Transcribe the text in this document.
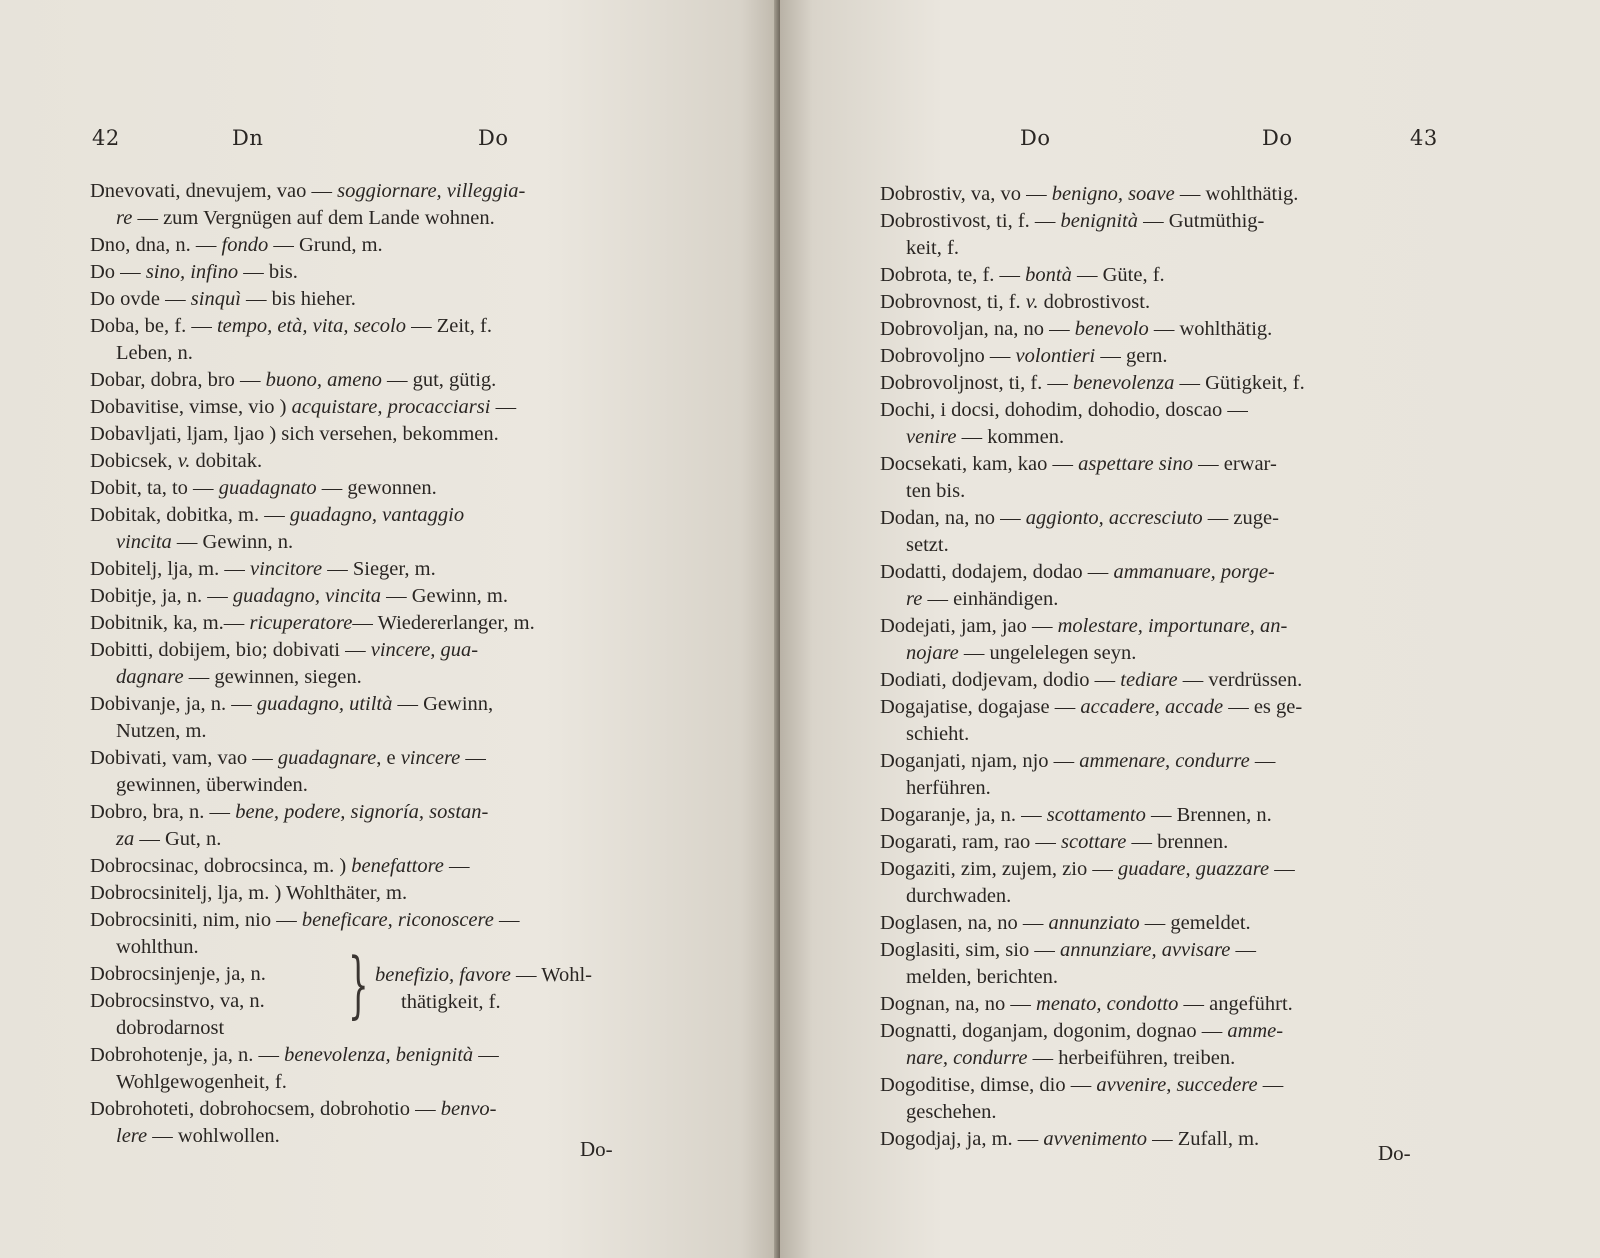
42	Dn	Do
Dnevovati, dnevujem, vao — soggiornare, villeggia-
re — zum Vergnügen auf dem Lande wohnen.
Dno, dna, n. — fondo — Grund, m.
Do — sino, infino — bis.
Do ovde — sinquì — bis hieher.
Doba, be, f. — tempo, età, vita, secolo — Zeit, f.
Leben, n.
Dobar, dobra, bro — buono, ameno — gut, gütig.
Dobavitise, vimse, vio ) acquistare, procacciarsi —
Dobavljati, ljam, ljao ) sich versehen, bekommen.
Dobicsek, v. dobitak.
Dobit, ta, to — guadagnato — gewonnen.
Dobitak, dobitka, m. — guadagno, vantaggio
vincita — Gewinn, n.
Dobitelj, lja, m. — vincitore — Sieger, m.
Dobitje, ja, n. — guadagno, vincita — Gewinn, m.
Dobitnik, ka, m.— ricuperatore— Wiedererlanger, m.
Dobitti, dobijem, bio; dobivati — vincere, gua-
dagnare — gewinnen, siegen.
Dobivanje, ja, n. — guadagno, utiltà — Gewinn,
Nutzen, m.
Dobivati, vam, vao — guadagnare, e vincere —
gewinnen, überwinden.
Dobro, bra, n. — bene, podere, signoría, sostan-
za — Gut, n.
Dobrocsinac, dobrocsinca, m. ) benefattore —
Dobrocsinitelj, lja, m. ) Wohlthäter, m.
Dobrocsiniti, nim, nio — beneficare, riconoscere —
wohlthun.
Dobrocsinjenje, ja, n.
Dobrocsinstvo, va, n.
dobrodarnost
Dobrohotenje, ja, n. — benevolenza, benignità —
Wohlgewogenheit, f.
Dobrohoteti, dobrohocsem, dobrohotio — benvo-
lere — wohlwollen.
} benefizio, favore — Wohl-
thätigkeit, f.
Do-
Do	Do	43
Dobrostiv, va, vo — benigno, soave — wohlthätig.
Dobrostivost, ti, f. — benignità — Gutmüthig-
keit, f.
Dobrota, te, f. — bontà — Güte, f.
Dobrovnost, ti, f. v. dobrostivost.
Dobrovoljan, na, no — benevolo — wohlthätig.
Dobrovoljno — volontieri — gern.
Dobrovoljnost, ti, f. — benevolenza — Gütigkeit, f.
Dochi, i docsi, dohodim, dohodio, doscao —
venire — kommen.
Docsekati, kam, kao — aspettare sino — erwar-
ten bis.
Dodan, na, no — aggionto, accresciuto — zuge-
setzt.
Dodatti, dodajem, dodao — ammanuare, porge-
re — einhändigen.
Dodejati, jam, jao — molestare, importunare, an-
nojare — ungelelegen seyn.
Dodiati, dodjevam, dodio — tediare — verdrüssen.
Dogajatise, dogajase — accadere, accade — es ge-
schieht.
Doganjati, njam, njo — ammenare, condurre —
herführen.
Dogaranje, ja, n. — scottamento — Brennen, n.
Dogarati, ram, rao — scottare — brennen.
Dogaziti, zim, zujem, zio — guadare, guazzare —
durchwaden.
Doglasen, na, no — annunziato — gemeldet.
Doglasiti, sim, sio — annunziare, avvisare —
melden, berichten.
Dognan, na, no — menato, condotto — angeführt.
Dognatti, doganjam, dogonim, dognao — amme-
nare, condurre — herbeiführen, treiben.
Dogoditise, dimse, dio — avvenire, succedere —
geschehen.
Dogodjaj, ja, m. — avvenimento — Zufall, m.
Do-
